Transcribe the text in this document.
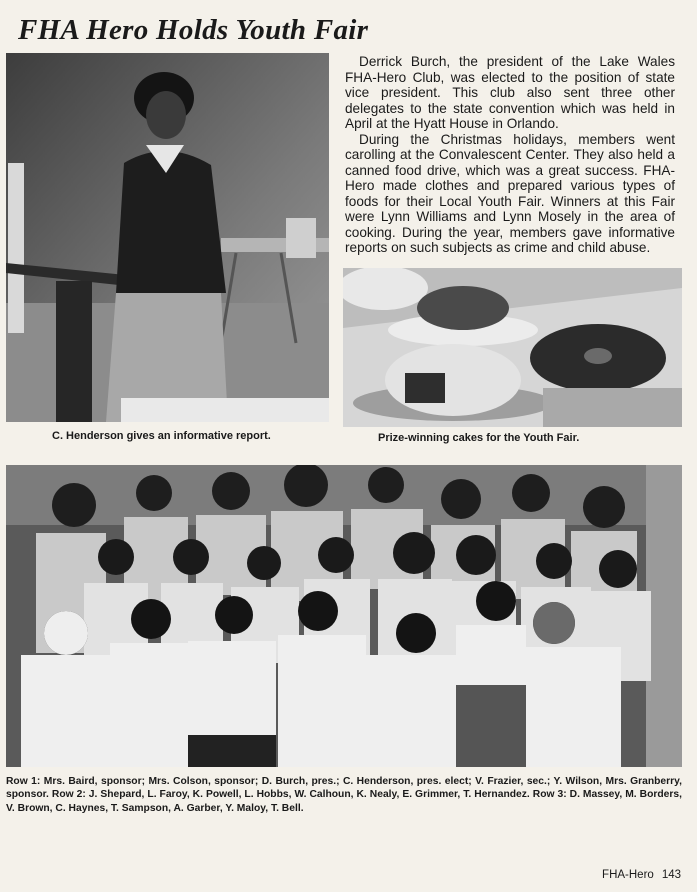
FHA Hero Holds Youth Fair

Derrick Burch, the president of the Lake Wales FHA-Hero Club, was elected to the position of state vice president. This club also sent three other delegates to the state convention which was held in April at the Hyatt House in Orlando.

During the Christmas holidays, members went carolling at the Convalescent Center. They also held a canned food drive, which was a great success. FHA-Hero made clothes and prepared various types of foods for their Local Youth Fair. Winners at this Fair were Lynn Williams and Lynn Mosely in the area of cooking. During the year, members gave informative reports on such subjects as crime and child abuse.

C. Henderson gives an informative report.	Prize-winning cakes for the Youth Fair.

Row 1: Mrs. Baird, sponsor; Mrs. Colson, sponsor; D. Burch, pres.; C. Henderson, pres. elect; V. Frazier, sec.; Y. Wilson, Mrs. Granberry, sponsor. Row 2: J. Shepard, L. Faroy, K. Powell, L. Hobbs, W. Calhoun, K. Nealy, E. Grimmer, T. Hernandez. Row 3: D. Massey, M. Borders, V. Brown, C. Haynes, T. Sampson, A. Garber, Y. Maloy, T. Bell.

FHA-Hero 143
